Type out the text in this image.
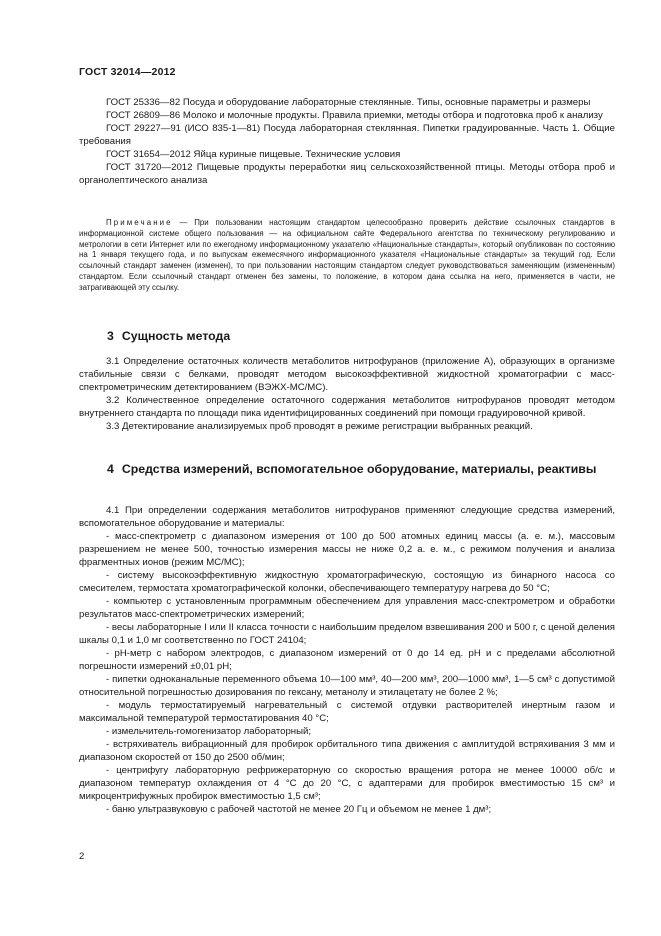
ГОСТ 32014—2012

ГОСТ 25336—82 Посуда и оборудование лабораторные стеклянные. Типы, основные параметры и размеры

ГОСТ 26809—86 Молоко и молочные продукты. Правила приемки, методы отбора и подготовка проб к анализу

ГОСТ 29227—91 (ИСО 835-1—81) Посуда лабораторная стеклянная. Пипетки градуированные. Часть 1. Общие требования

ГОСТ 31654—2012 Яйца куриные пищевые. Технические условия

ГОСТ 31720—2012 Пищевые продукты переработки яиц сельскохозяйственной птицы. Методы отбора проб и органолептического анализа

Примечание — При пользовании настоящим стандартом целесообразно проверить действие ссылочных стандартов в информационной системе общего пользования — на официальном сайте Федерального агентства по техническому регулированию и метрологии в сети Интернет или по ежегодному информационному указателю «Национальные стандарты», который опубликован по состоянию на 1 января текущего года, и по выпускам ежемесячного информационного указателя «Национальные стандарты» за текущий год. Если ссылочный стандарт заменен (изменен), то при пользовании настоящим стандартом следует руководствоваться заменяющим (измененным) стандартом. Если ссылочный стандарт отменен без замены, то положение, в котором дана ссылка на него, применяется в части, не затрагивающей эту ссылку.

3 Сущность метода

3.1 Определение остаточных количеств метаболитов нитрофуранов (приложение А), образующих в организме стабильные связи с белками, проводят методом высокоэффективной жидкостной хроматографии с масс-спектрометрическим детектированием (ВЭЖХ-МС/МС).

3.2 Количественное определение остаточного содержания метаболитов нитрофуранов проводят методом внутреннего стандарта по площади пика идентифицированных соединений при помощи градуировочной кривой.

3.3 Детектирование анализируемых проб проводят в режиме регистрации выбранных реакций.

4 Средства измерений, вспомогательное оборудование, материалы, реактивы

4.1 При определении содержания метаболитов нитрофуранов применяют следующие средства измерений, вспомогательное оборудование и материалы:

- масс-спектрометр с диапазоном измерения от 100 до 500 атомных единиц массы (а. е. м.), массовым разрешением не менее 500, точностью измерения массы не ниже 0,2 а. е. м., с режимом получения и анализа фрагментных ионов (режим МС/МС);

- систему высокоэффективную жидкостную хроматографическую, состоящую из бинарного насоса со смесителем, термостата хроматографической колонки, обеспечивающего температуру нагрева до 50 °C;

- компьютер с установленным программным обеспечением для управления масс-спектрометром и обработки результатов масс-спектрометрических измерений;

- весы лабораторные I или II класса точности с наибольшим пределом взвешивания 200 и 500 г, с ценой деления шкалы 0,1 и 1,0 мг соответственно по ГОСТ 24104;

- рН-метр с набором электродов, с диапазоном измерений от 0 до 14 ед. рН и с пределами абсолютной погрешности измерений ±0,01 рН;

- пипетки одноканальные переменного объема 10—100 мм³, 40—200 мм³, 200—1000 мм³, 1—5 см³ с допустимой относительной погрешностью дозирования по гексану, метанолу и этилацетату не более 2 %;

- модуль термостатируемый нагревательный с системой отдувки растворителей инертным газом и максимальной температурой термостатирования 40 °C;

- измельчитель-гомогенизатор лабораторный;

- встряхиватель вибрационный для пробирок орбитального типа движения с амплитудой встряхивания 3 мм и диапазоном скоростей от 150 до 2500 об/мин;

- центрифугу лабораторную рефрижераторную со скоростью вращения ротора не менее 10000 об/с и диапазоном температур охлаждения от 4 °C до 20 °C, с адаптерами для пробирок вместимостью 15 см³ и микроцентрифужных пробирок вместимостью 1,5 см³;

- баню ультразвуковую с рабочей частотой не менее 20 Гц и объемом не менее 1 дм³;

2
